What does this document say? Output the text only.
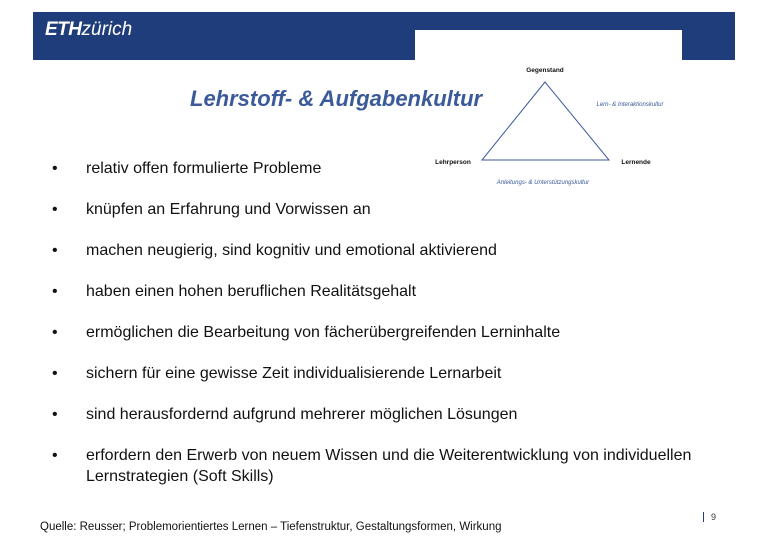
ETHzürich
Lehrstoff- & Aufgabenkultur
Gegenstand
Lehrperson	Lernende
Lern- & Interaktionskultur
Anleitungs- & Unterstützungskultur
• relativ offen formulierte Probleme
• knüpfen an Erfahrung und Vorwissen an
• machen neugierig, sind kognitiv und emotional aktivierend
• haben einen hohen beruflichen Realitätsgehalt
• ermöglichen die Bearbeitung von fächerübergreifenden Lerninhalte
• sichern für eine gewisse Zeit individualisierende Lernarbeit
• sind herausfordernd aufgrund mehrerer möglichen Lösungen
• erfordern den Erwerb von neuem Wissen und die Weiterentwicklung von individuellen Lernstrategien (Soft Skills)
Quelle: Reusser; Problemorientiertes Lernen – Tiefenstruktur, Gestaltungsformen, Wirkung
9
